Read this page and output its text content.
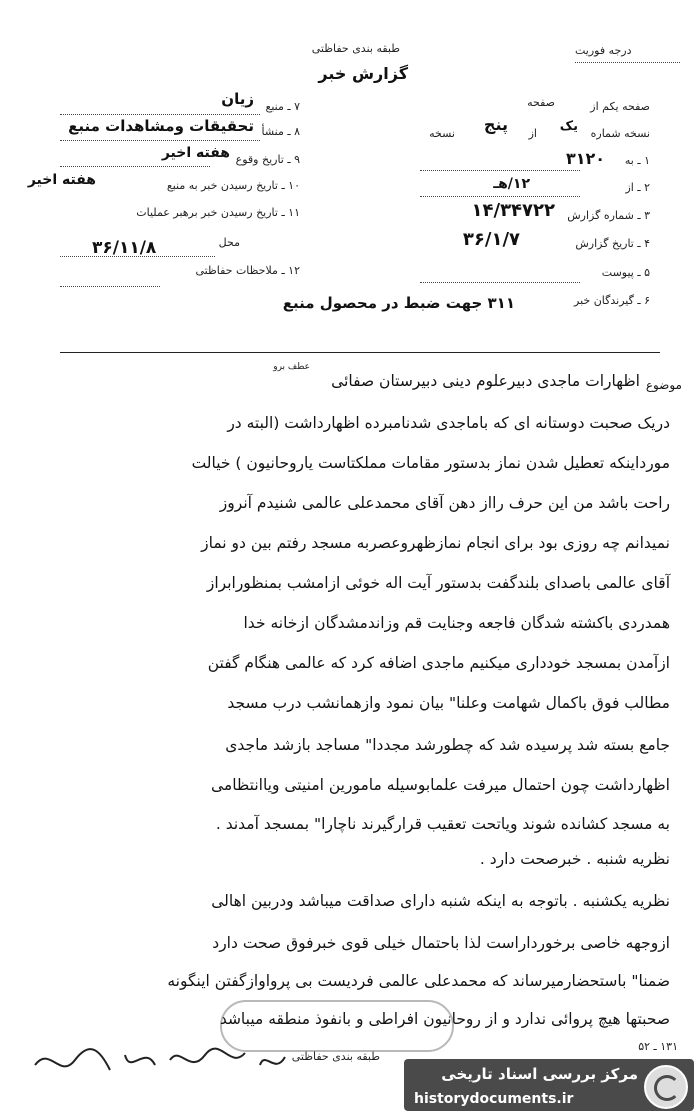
طبقه بندی حفاظتی
گزارش خبر
درجه فوریت
۷ ـ منبع
زیان
۸ ـ منشأ
تحقیقات ومشاهدات منبع
۹ ـ تاریخ وقوع
هفته اخیر
۱۰ ـ تاریخ رسیدن خبر به منبع
هفته اخیر
۱۱ ـ تاریخ رسیدن خبر برهبر عملیات
محل
۳۶/۱۱/۸
۱۲ ـ ملاحظات حفاظتی
صفحه یکم از
صفحه
نسخه شماره
یک
از
پنج
نسخه
۱ ـ به
۳۱۲۰
۲ ـ از
۱۲/هـ
۳ ـ شماره گزارش
۱۴/۳۴۷۲۲
۴ ـ تاریخ گزارش
۳۶/۱/۷
۵ ـ پیوست
۶ ـ گیرندگان خبر
۳۱۱ جهت ضبط در محصول منبع
عطف برو
موضوع
اظهارات ماجدی دبیرعلوم دینی دبیرستان صفائی
دریک صحبت دوستانه ای که باماجدی شدنامبرده اظهارداشت (البته در
مورداینکه تعطیل شدن نماز بدستور مقامات مملکتاست یاروحانیون ) خیالت
راحت باشد من این حرف رااز دهن آقای محمدعلی عالمی شنیدم آنروز
نمیدانم چه روزی بود برای انجام نمازظهروعصربه مسجد رفتم بین دو نماز
آقای عالمی باصدای بلندگفت بدستور آیت اله خوئی ازامشب بمنظورابراز
همدردی باکشته شدگان فاجعه وجنایت قم وزاندمشدگان ازخانه خدا
ازآمدن بمسجد خودداری میکنیم ماجدی اضافه کرد که عالمی هنگام گفتن
مطالب فوق باکمال شهامت وعلنا" بیان نمود وازهمانشب درب مسجد
جامع بسته شد پرسیده شد که چطورشد مجددا" مساجد بازشد ماجدی
اظهارداشت چون احتمال میرفت علمابوسیله مامورین امنیتی ویاانتظامی
به مسجد کشانده شوند ویاتحت تعقیب قرارگیرند ناچارا" بمسجد آمدند .
نظریه شنبه . خبرصحت دارد .
نظریه یکشنبه . باتوجه به اینکه شنبه دارای صداقت میباشد ودربین اهالی
ازوجهه خاصی برخورداراست لذا باحتمال خیلی قوی خبرفوق صحت دارد
ضمنا" باستحضارمیرساند که محمدعلی عالمی فردیست بی پرواوازگفتن اینگونه
صحبتها هیچ پروائی ندارد و از روحانیون افراطی و بانفوذ منطقه میباشد
طبقه بندی حفاظتی
۱۳۱ ـ ۵۲
مرکز بررسی اسناد تاریخی
historydocuments.ir
